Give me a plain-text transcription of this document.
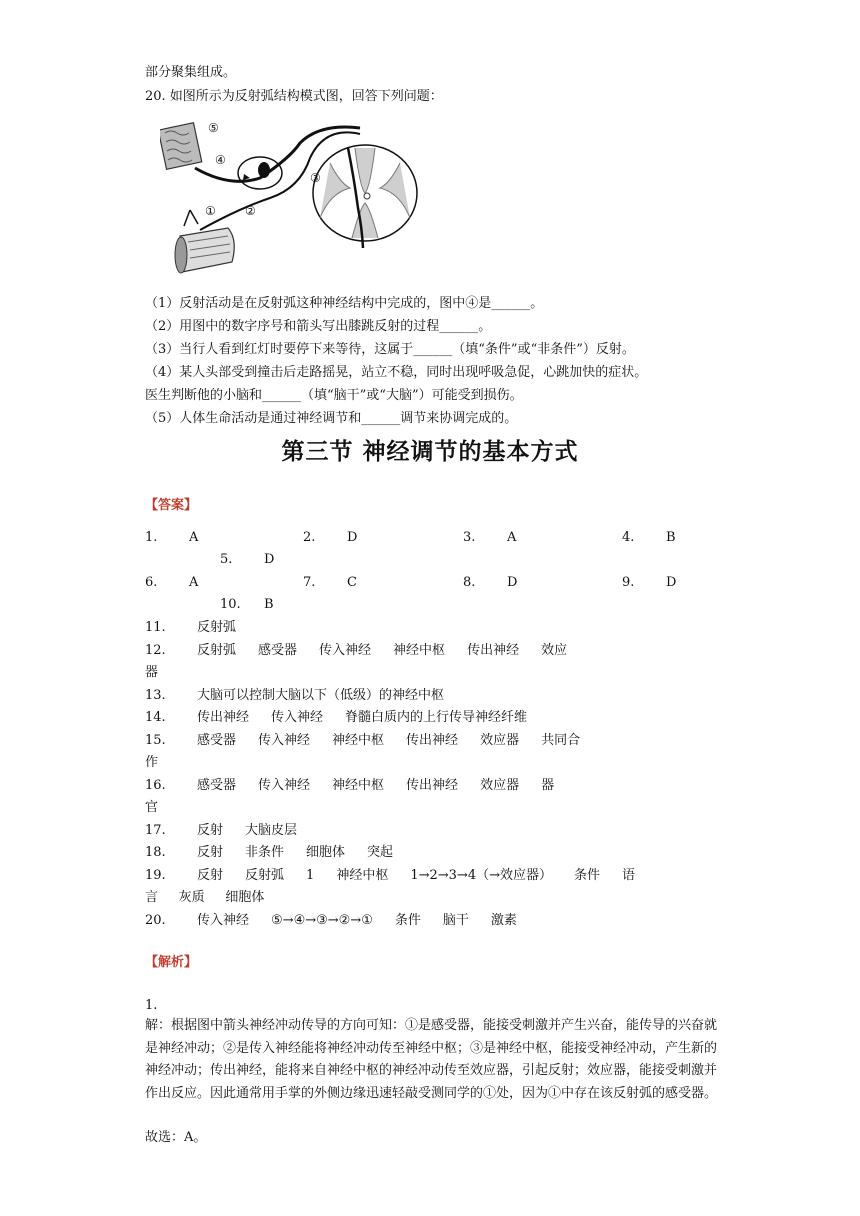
部分聚集组成。
20. 如图所示为反射弧结构模式图，回答下列问题：
⑤
④
③
②
①
（1）反射活动是在反射弧这种神经结构中完成的，图中④是______。
（2）用图中的数字序号和箭头写出膝跳反射的过程______。
（3）当行人看到红灯时要停下来等待，这属于______（填“条件”或“非条件”）反射。
（4）某人头部受到撞击后走路摇晃，站立不稳，同时出现呼吸急促，心跳加快的症状。
医生判断他的小脑和______（填“脑干”或“大脑”）可能受到损伤。
（5）人体生命活动是通过神经调节和______调节来协调完成的。
第三节 神经调节的基本方式
【答案】
1. A	2. D	3. A	4. B
5. D
6. A	7. C	8. D	9. D
10. B
11. 反射弧
12. 反射弧 感受器 传入神经 神经中枢 传出神经 效应
器
13. 大脑可以控制大脑以下（低级）的神经中枢
14. 传出神经 传入神经 脊髓白质内的上行传导神经纤维
15. 感受器 传入神经 神经中枢 传出神经 效应器 共同合
作
16. 感受器 传入神经 神经中枢 传出神经 效应器 器
官
17. 反射 大脑皮层
18. 反射 非条件 细胞体 突起
19. 反射 反射弧 1 神经中枢 1→2→3→4（→效应器） 条件 语
言     灰质     细胞体
20. 传入神经 ⑤→④→③→②→① 条件 脑干 激素
【解析】
1.
解：根据图中箭头神经冲动传导的方向可知：①是感受器，能接受刺激并产生兴奋，能传导的兴奋就是神经冲动；②是传入神经能将神经冲动传至神经中枢；③是神经中枢，能接受神经冲动，产生新的神经冲动；传出神经，能将来自神经中枢的神经冲动传至效应器，引起反射；效应器，能接受刺激并作出反应。因此通常用手掌的外侧边缘迅速轻敲受测同学的①处，因为①中存在该反射弧的感受器。
故选：A。
